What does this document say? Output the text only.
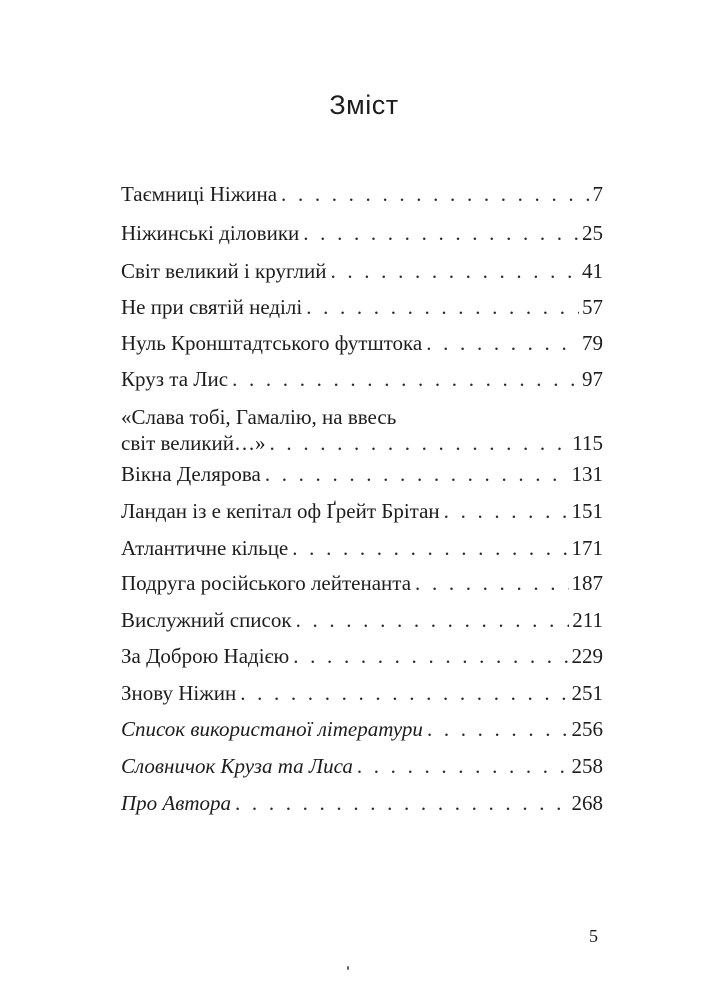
Зміст
Таємниці Ніжина . . .	7
Ніжинські діловики . . .	25
Світ великий і круглий . . .	41
Не при святій неділі . . .	57
Нуль Кронштадтського футштока . . .	79
Круз та Лис . . .	97
«Слава тобі, Гамалію, на ввесь
світ великий…» . . .	115
Вікна Делярова . . .	131
Ландан із е кепітал оф Ґрейт Брітан . . .	151
Атлантичне кільце . . .	171
Подруга російського лейтенанта . . .	187
Вислужний список . . .	211
За Доброю Надією . . .	229
Знову Ніжин . . .	251
Список використаної літератури . . .	256
Словничок Круза та Лиса . . .	258
Про Автора . . .	268
5
